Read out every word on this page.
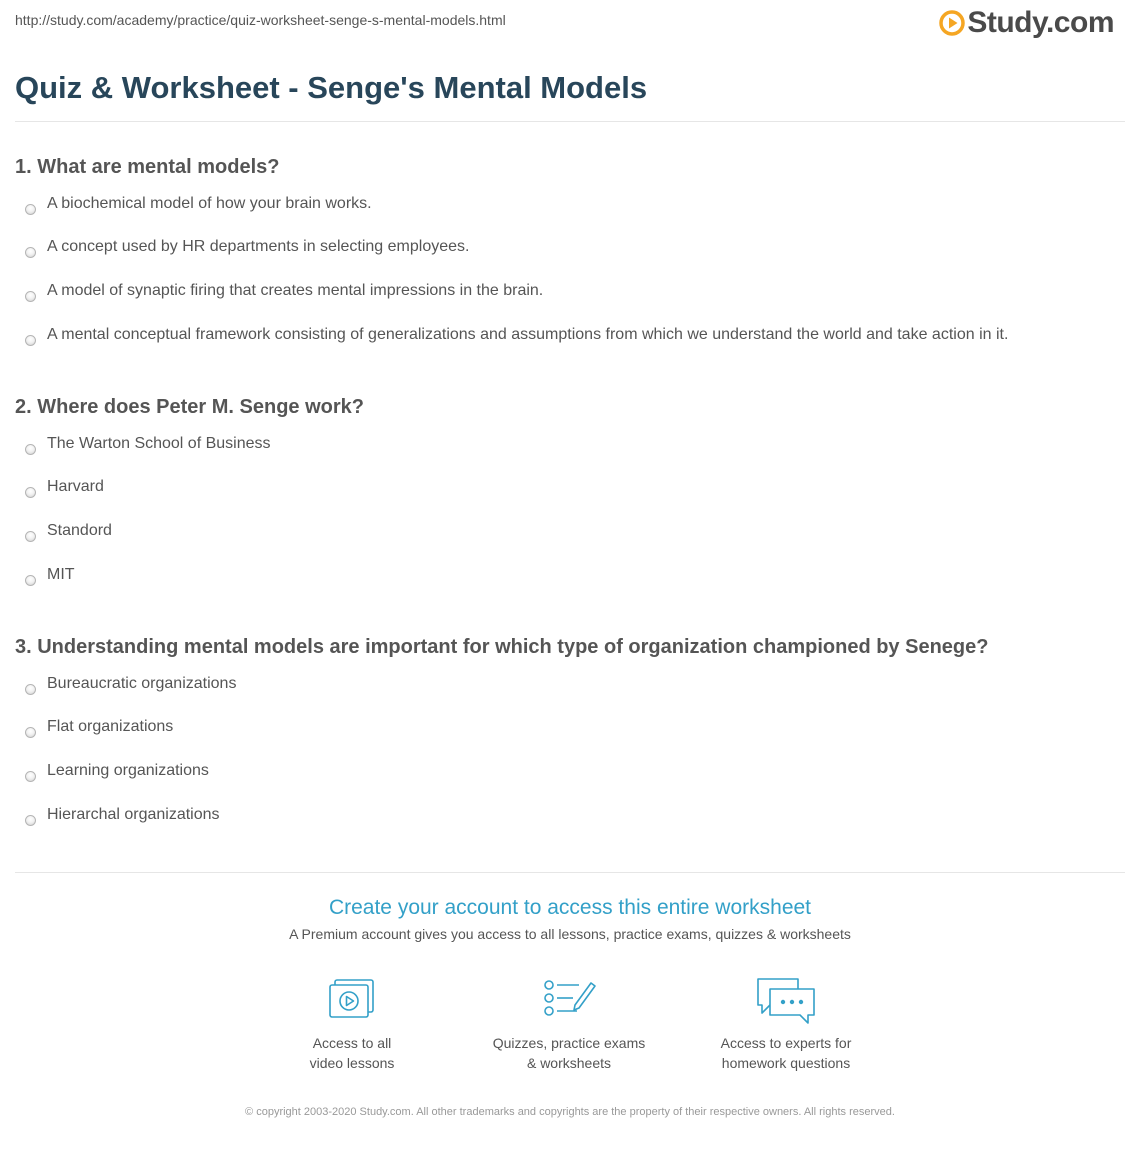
http://study.com/academy/practice/quiz-worksheet-senge-s-mental-models.html	Study.com
Quiz & Worksheet - Senge's Mental Models
1. What are mental models?
A biochemical model of how your brain works.
A concept used by HR departments in selecting employees.
A model of synaptic firing that creates mental impressions in the brain.
A mental conceptual framework consisting of generalizations and assumptions from which we understand the world and take action in it.
2. Where does Peter M. Senge work?
The Warton School of Business
Harvard
Standord
MIT
3. Understanding mental models are important for which type of organization championed by Senege?
Bureaucratic organizations
Flat organizations
Learning organizations
Hierarchal organizations

Create your account to access this entire worksheet

A Premium account gives you access to all lessons, practice exams, quizzes & worksheets

Access to all
video lessons
Quizzes, practice exams
& worksheets
Access to experts for
homework questions

© copyright 2003-2020 Study.com. All other trademarks and copyrights are the property of their respective owners. All rights reserved.
